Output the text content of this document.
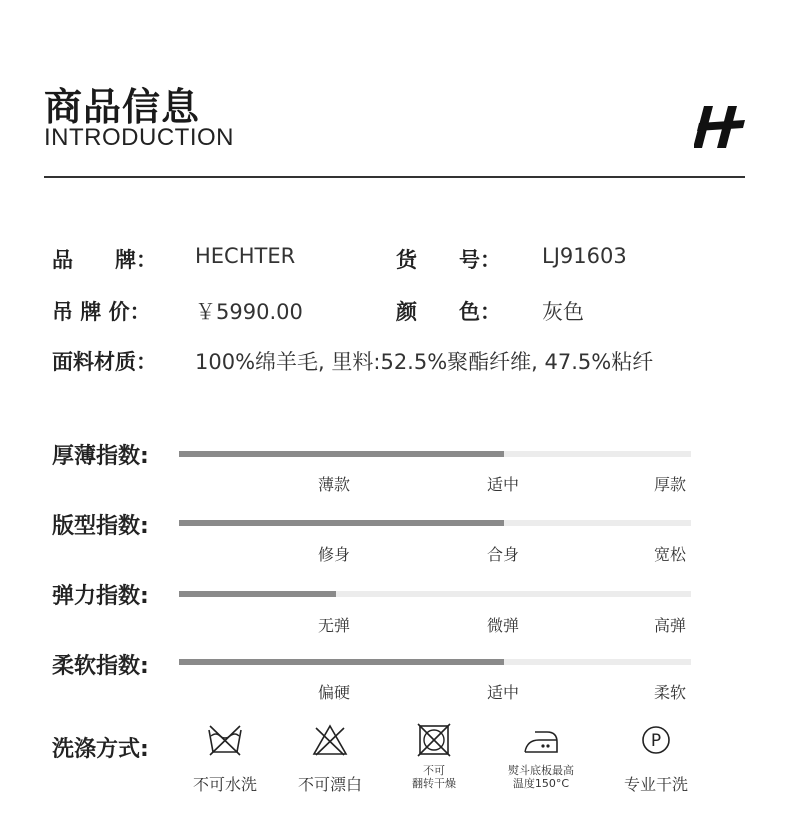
商品信息
INTRODUCTION
品　　牌： HECHTER	货　　号： LJ91603
吊 牌 价： ￥5990.00	颜　　色： 灰色
面料材质： 100%绵羊毛, 里料:52.5%聚酯纤维, 47.5%粘纤
厚薄指数:
薄款	适中	厚款
版型指数:
修身	合身	宽松
弹力指数:
无弹	微弹	高弹
柔软指数:
偏硬	适中	柔软
洗涤方式:
不可水洗	不可漂白
不可
翻转干燥
熨斗底板最高
温度150°C
P
专业干洗
